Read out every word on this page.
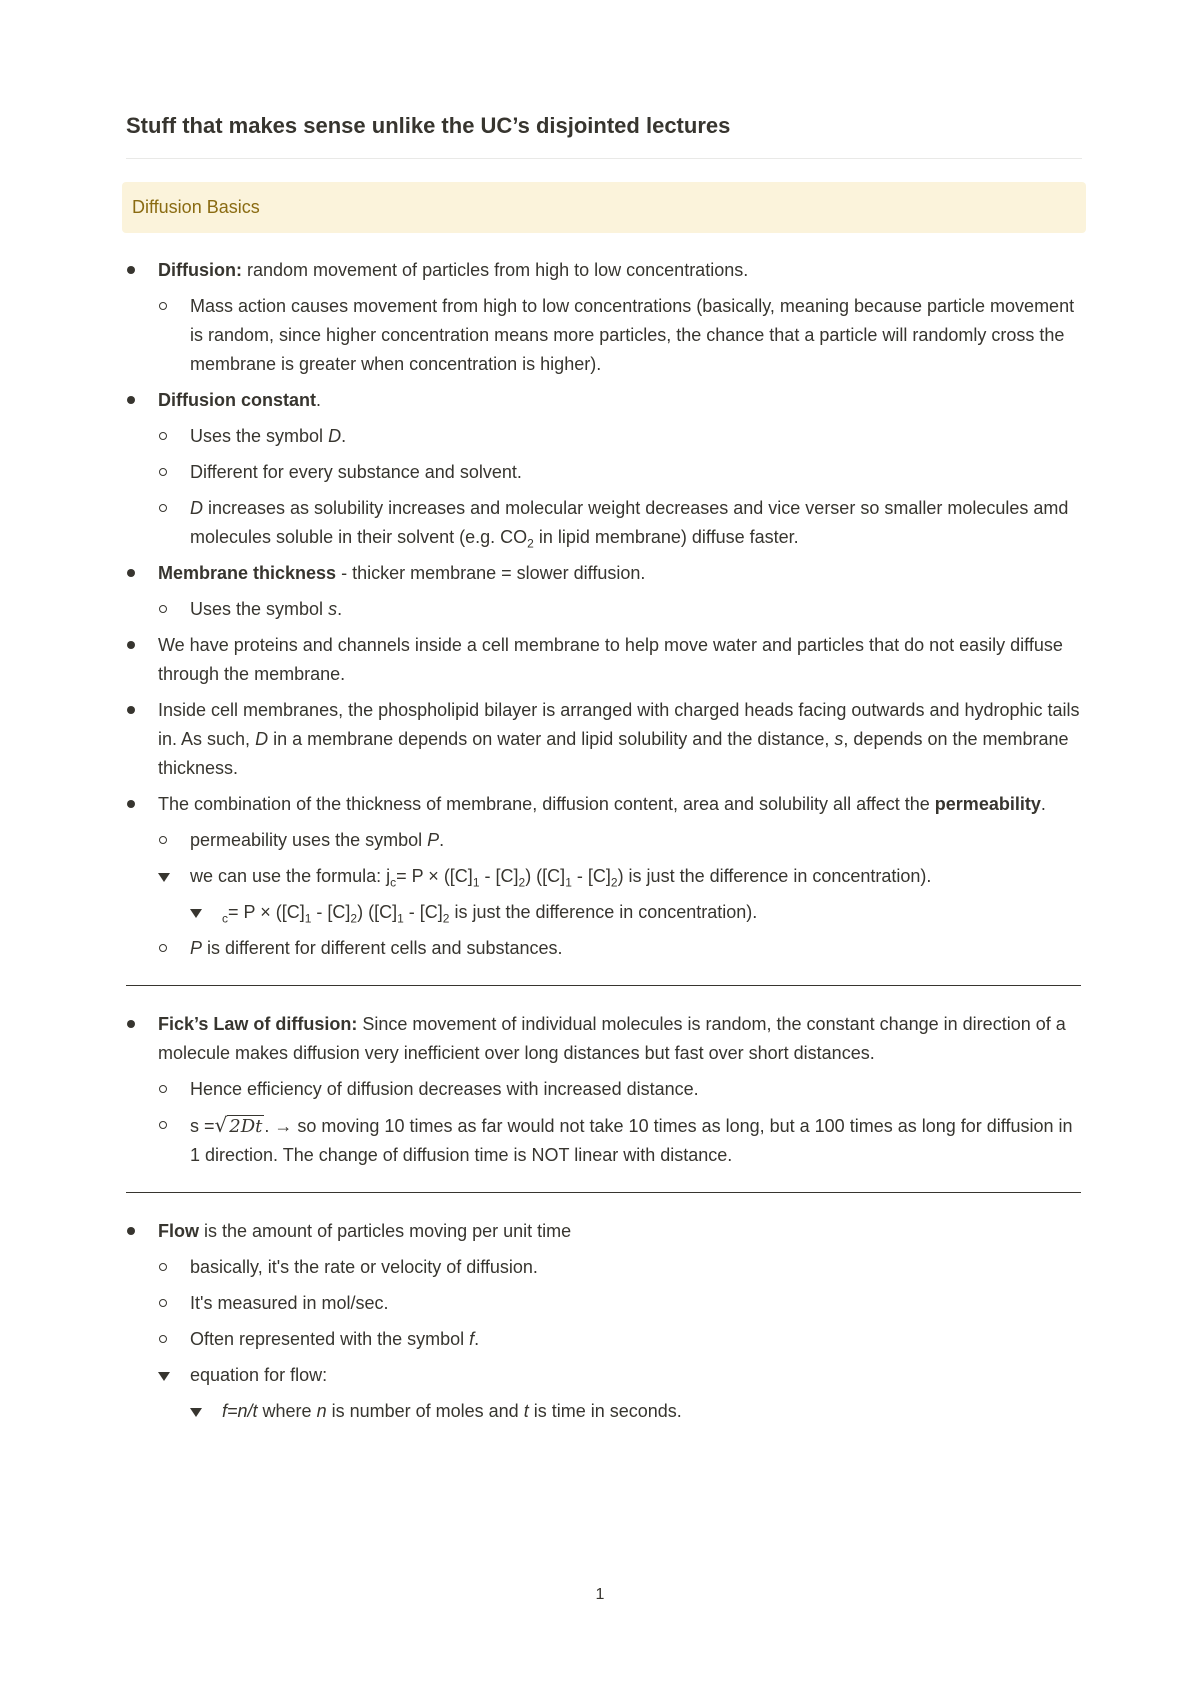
Stuff that makes sense unlike the UC’s disjointed lectures
Diffusion Basics
Diffusion: random movement of particles from high to low concentrations.
Mass action causes movement from high to low concentrations (basically, meaning because particle movement is random, since higher concentration means more particles, the chance that a particle will randomly cross the membrane is greater when concentration is higher).
Diffusion constant.
Uses the symbol D.
Different for every substance and solvent.
D increases as solubility increases and molecular weight decreases and vice verser so smaller molecules amd molecules soluble in their solvent (e.g. $CO_2$ in lipid membrane) diffuse faster.
Membrane thickness - thicker membrane = slower diffusion.
Uses the symbol s.
We have proteins and channels inside a cell membrane to help move water and particles that do not easily diffuse through the membrane.
Inside cell membranes, the phospholipid bilayer is arranged with charged heads facing outwards and hydrophic tails in. As such, D in a membrane depends on water and lipid solubility and the distance, s, depends on the membrane thickness.
The combination of the thickness of membrane, diffusion content, area and solubility all affect the permeability.
permeability uses the symbol P.
we can use the formula: $j_c= P \times ([C]_1 - [C]_2)$ $([C]_1 - [C]_2)$ is just the difference in concentration).
$_c= P \times ([C]_1 - [C]_2)$ ($[C]_1 - [C]_2$ is just the difference in concentration).
P is different for different cells and substances.
Fick’s Law of diffusion: Since movement of individual molecules is random, the constant change in direction of a molecule makes diffusion very inefficient over long distances but fast over short distances.
Hence efficiency of diffusion decreases with increased distance.
s =√ 2Dt . → so moving 10 times as far would not take 10 times as long, but a 100 times as long for diffusion in 1 direction. The change of diffusion time is NOT linear with distance.
Flow is the amount of particles moving per unit time
basically, it's the rate or velocity of diffusion.
It's measured in mol/sec.
Often represented with the symbol f.
equation for flow:
f=n/t where n is number of moles and t is time in seconds.
1
